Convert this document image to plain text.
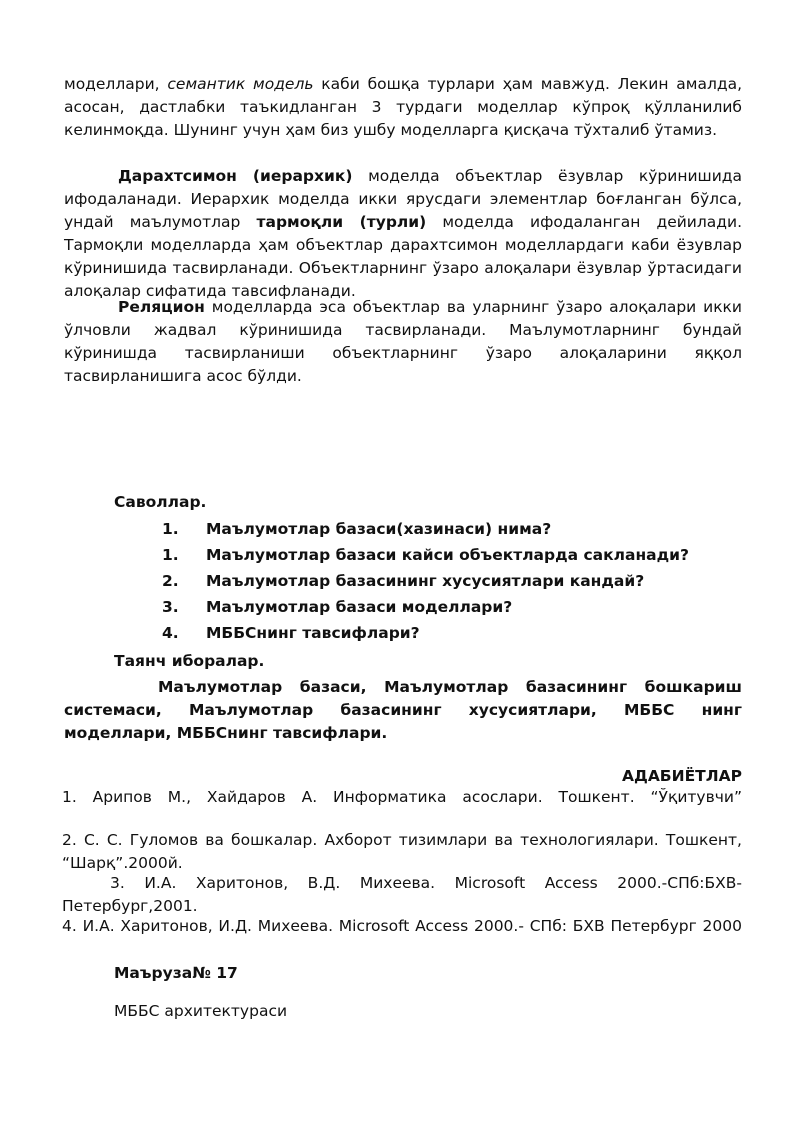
моделлари, семантик модель каби бошқа турлари ҳам мавжуд. Лекин амалда, асосан, дастлабки таъкидланган 3 турдаги моделлар кўпроқ қўлланилиб келинмоқда. Шунинг учун ҳам биз ушбу моделларга қисқача тўхталиб ўтамиз.

Дарахтсимон (иерархик) моделда объектлар ёзувлар кўринишида ифодаланади. Иерархик моделда икки ярусдаги элементлар боғланган бўлса, ундай маълумотлар тармоқли (турли) моделда ифодаланган дейилади. Тармоқли моделларда ҳам объектлар дарахтсимон моделлардаги каби ёзувлар кўринишида тасвирланади. Объектларнинг ўзаро алоқалари ёзувлар ўртасидаги алоқалар сифатида тавсифланади.

Реляцион моделларда эса объектлар ва уларнинг ўзаро алоқалари икки ўлчовли жадвал кўринишида тасвирланади. Маълумотларнинг бундай кўринишда тасвирланиши объектларнинг ўзаро алоқаларини яққол тасвирланишига асос бўлди.

Саволлар.
1. Маълумотлар базаси(хазинаси) нима?
1. Маълумотлар базаси кайси объектларда сакланади?
2. Маълумотлар базасининг хусусиятлари кандай?
3. Маълумотлар базаси моделлари?
4. МББСнинг тавсифлари?
Таянч иборалар.

Маълумотлар базаси, Маълумотлар базасининг бошкариш системаси, Маълумотлар базасининг хусусиятлари, МББС нинг моделлари, МББСнинг тавсифлари.

АДАБИЁТЛАР

1. Арипов М., Хайдаров А. Информатика асослари. Тошкент. “Ўқитувчи”

2. С. С. Гуломов ва бошкалар. Ахборот тизимлари ва технологиялари. Тошкент, “Шарқ”.2000й.

3. И.А. Харитонов, В.Д. Михеева. Microsoft Access 2000.-СПб:БХВ-Петербург,2001.

4. И.А. Харитонов, И.Д. Михеева. Microsoft Access 2000.- СПб: БХВ Петербург 2000

Маъруза№ 17
МББС архитектураси
